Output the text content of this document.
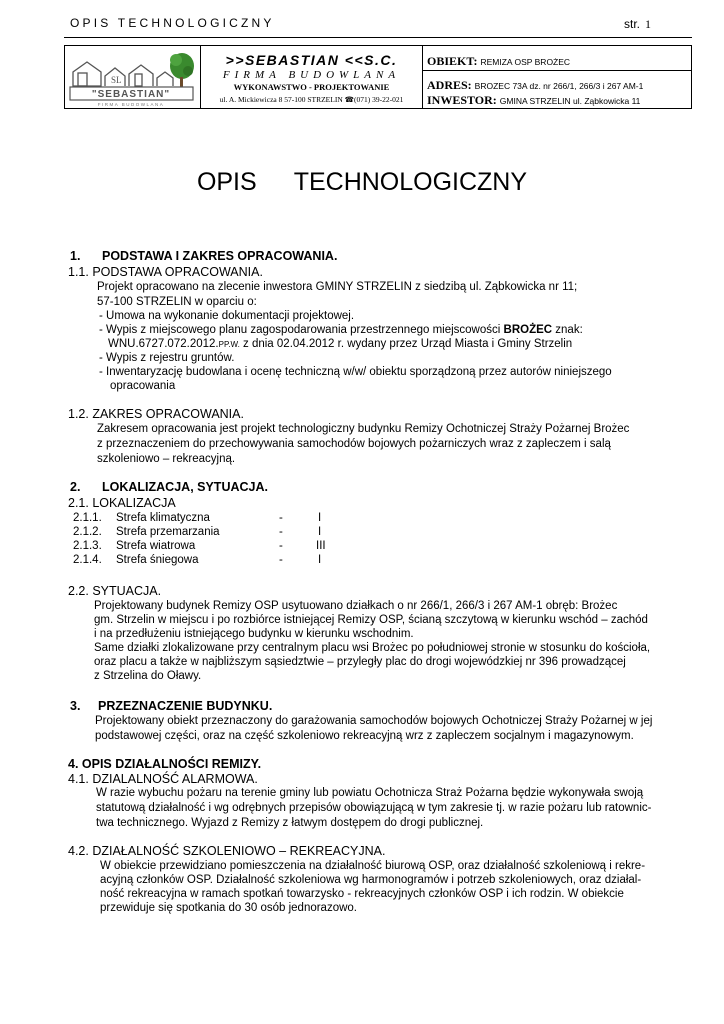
OPIS TECHNOLOGICZNY	str. 1
SL
"SEBASTIAN"
FIRMA BUDOWLANA
>>SEBASTIAN <<S.C.
FIRMA BUDOWLANA
WYKONAWSTWO - PROJEKTOWANIE
ul. A. Mickiewicza 8 57-100 STRZELIN ☎(071) 39-22-021
OBIEKT: REMIZA OSP BROŻEC
ADRES: BROZEC 73A dz. nr 266/1, 266/3 i 267 AM-1
INWESTOR: GMINA STRZELIN ul. Ząbkowicka 11
OPIS TECHNOLOGICZNY
1. PODSTAWA I ZAKRES OPRACOWANIA.
1.1. PODSTAWA OPRACOWANIA.
Projekt opracowano na zlecenie inwestora GMINY STRZELIN z siedzibą ul. Ząbkowicka nr 11;
57-100 STRZELIN w oparciu o:
- Umowa na wykonanie dokumentacji projektowej.
- Wypis z miejscowego planu zagospodarowania przestrzennego miejscowości BROŻEC znak:
WNU.6727.072.2012.PP.W. z dnia 02.04.2012 r. wydany przez Urząd Miasta i Gminy Strzelin
- Wypis z rejestru gruntów.
- Inwentaryzację budowlana i ocenę techniczną w/w/ obiektu sporządzoną przez autorów niniejszego
opracowania
1.2. ZAKRES OPRACOWANIA.
Zakresem opracowania jest projekt technologiczny budynku Remizy Ochotniczej Straży Pożarnej Brożec
z przeznaczeniem do przechowywania samochodów bojowych pożarniczych wraz z zapleczem i salą
szkoleniowo – rekreacyjną.
2. LOKALIZACJA, SYTUACJA.
2.1. LOKALIZACJA
2.1.1. Strefa klimatyczna	-	I
2.1.2. Strefa przemarzania	-	I
2.1.3. Strefa wiatrowa	-	III
2.1.4. Strefa śniegowa	-	I
2.2. SYTUACJA.
Projektowany budynek Remizy OSP usytuowano działkach o nr 266/1, 266/3 i 267 AM-1 obręb: Brożec
gm. Strzelin w miejscu i po rozbiórce istniejącej Remizy OSP, ścianą szczytową w kierunku wschód – zachód
i na przedłużeniu istniejącego budynku w kierunku wschodnim.
Same działki zlokalizowane przy centralnym placu wsi Brożec po południowej stronie w stosunku do kościoła,
oraz placu a także w najbliższym sąsiedztwie – przyległy plac do drogi wojewódzkiej nr 396 prowadzącej
z Strzelina do Oławy.
3. PRZEZNACZENIE BUDYNKU.
Projektowany obiekt przeznaczony do garażowania samochodów bojowych Ochotniczej Straży Pożarnej w jej
podstawowej części, oraz na część szkoleniowo rekreacyjną wrz z zapleczem socjalnym i magazynowym.
4. OPIS DZIAŁALNOŚCI REMIZY.
4.1. DZIALALNOŚĆ ALARMOWA.
W razie wybuchu pożaru na terenie gminy lub powiatu Ochotnicza Straż Pożarna będzie wykonywała swoją
statutową działalność i wg odrębnych przepisów obowiązującą w tym zakresie tj. w razie pożaru lub ratownic-
twa technicznego. Wyjazd z Remizy z łatwym dostępem do drogi publicznej.
4.2. DZIAŁALNOŚĆ SZKOLENIOWO – REKREACYJNA.
W obiekcie przewidziano pomieszczenia na działalność biurową OSP, oraz działalność szkoleniową i rekre-
acyjną członków OSP. Działalność szkoleniowa wg harmonogramów i potrzeb szkoleniowych, oraz działal-
ność rekreacyjna w ramach spotkań towarzysko - rekreacyjnych członków OSP i ich rodzin. W obiekcie
przewiduje się spotkania do 30 osób jednorazowo.
